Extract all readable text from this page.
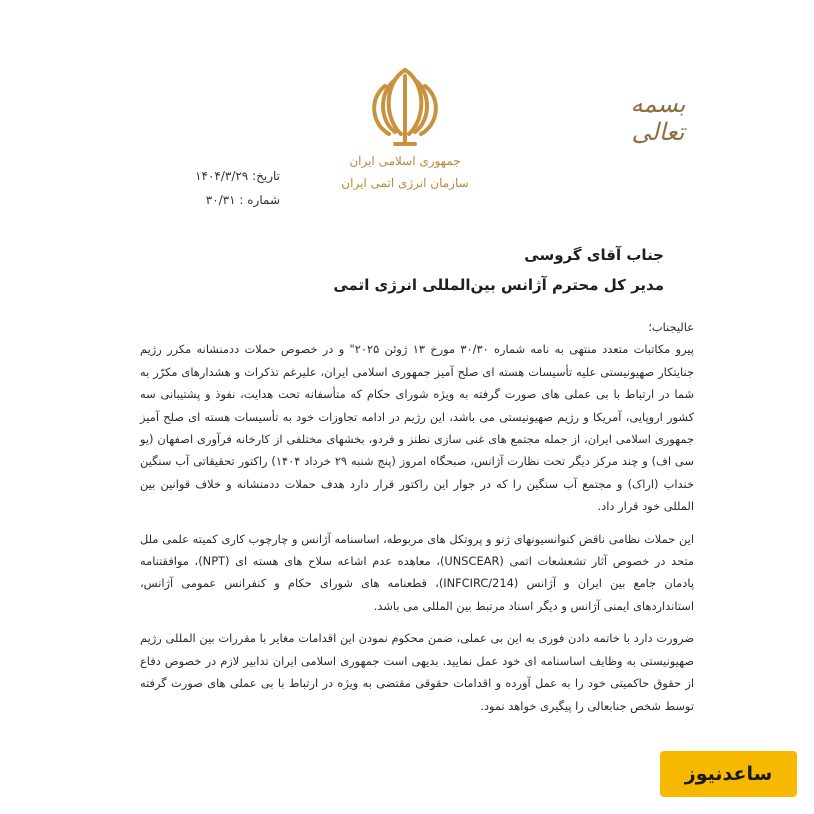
بسمه تعالی
جمهوری اسلامی ایران
سازمان انرژی اتمی ایران
تاریخ: ۱۴۰۴/۳/۲۹
شماره : ۳۰/۳۱
جناب آقای گروسی
مدیر کل محترم آژانس بین‌المللی انرژی اتمی
عالیجناب؛

پیرو مکاتبات متعدد منتهی به نامه شماره ۳۰/۳۰ مورخ ۱۳ ژوئن ۲۰۲۵" و در خصوص حملات ددمنشانه مکرر رژیم جنایتکار صهیونیستی علیه تأسیسات هسته ای صلح آمیز جمهوری اسلامی ایران، علیرغم تذکرات و هشدارهای مکرّر به شما در ارتباط با بی عملی های صورت گرفته به ویژه شورای حکام که متأسفانه تحت هدایت، نفوذ و پشتیبانی سه کشور اروپایی، آمریکا و رژیم صهیونیستی می باشد، این رژیم در ادامه تجاوزات خود به تأسیسات هسته ای صلح آمیز جمهوری اسلامی ایران، از جمله مجتمع های غنی سازی نطنز و فردو، بخشهای مختلفی از کارخانه فرآوری اصفهان (یو سی اف) و چند مرکز دیگر تحت نظارت آژانس، صبحگاه امروز (پنج شنبه ۲۹ خرداد ۱۴۰۴) راکتور تحقیقاتی آب سنگین خنداب (اراک) و مجتمع آب سنگین را که در جوار این راکتور قرار دارد هدف حملات ددمنشانه و خلاف قوانین بین المللی خود قرار داد.

این حملات نظامی ناقض کنوانسیونهای ژنو و پروتکل های مربوطه، اساسنامه آژانس و چارچوب کاری کمیته علمی ملل متحد در خصوص آثار تشعشعات اتمی (UNSCEAR)، معاهده عدم اشاعه سلاح های هسته ای (NPT)، موافقتنامه پادمان جامع بین ایران و آژانس (INFCIRC/214)، قطعنامه های شورای حکام و کنفرانس عمومی آژانس، استانداردهای ایمنی آژانس و دیگر اسناد مرتبط بین المللی می باشد.

ضرورت دارد با خاتمه دادن فوری به این بی عملی، ضمن محکوم نمودن این اقدامات مغایر با مقررات بین المللی رژیم صهیونیستی به وظایف اساسنامه ای خود عمل نمایید. بدیهی است جمهوری اسلامی ایران تدابیر لازم در خصوص دفاع از حقوق حاکمیتی خود را به عمل آورده و اقدامات حقوقی مقتضی به ویژه در ارتباط با بی عملی های صورت گرفته توسط شخص جنابعالی را پیگیری خواهد نمود.

ساعدنیوز
